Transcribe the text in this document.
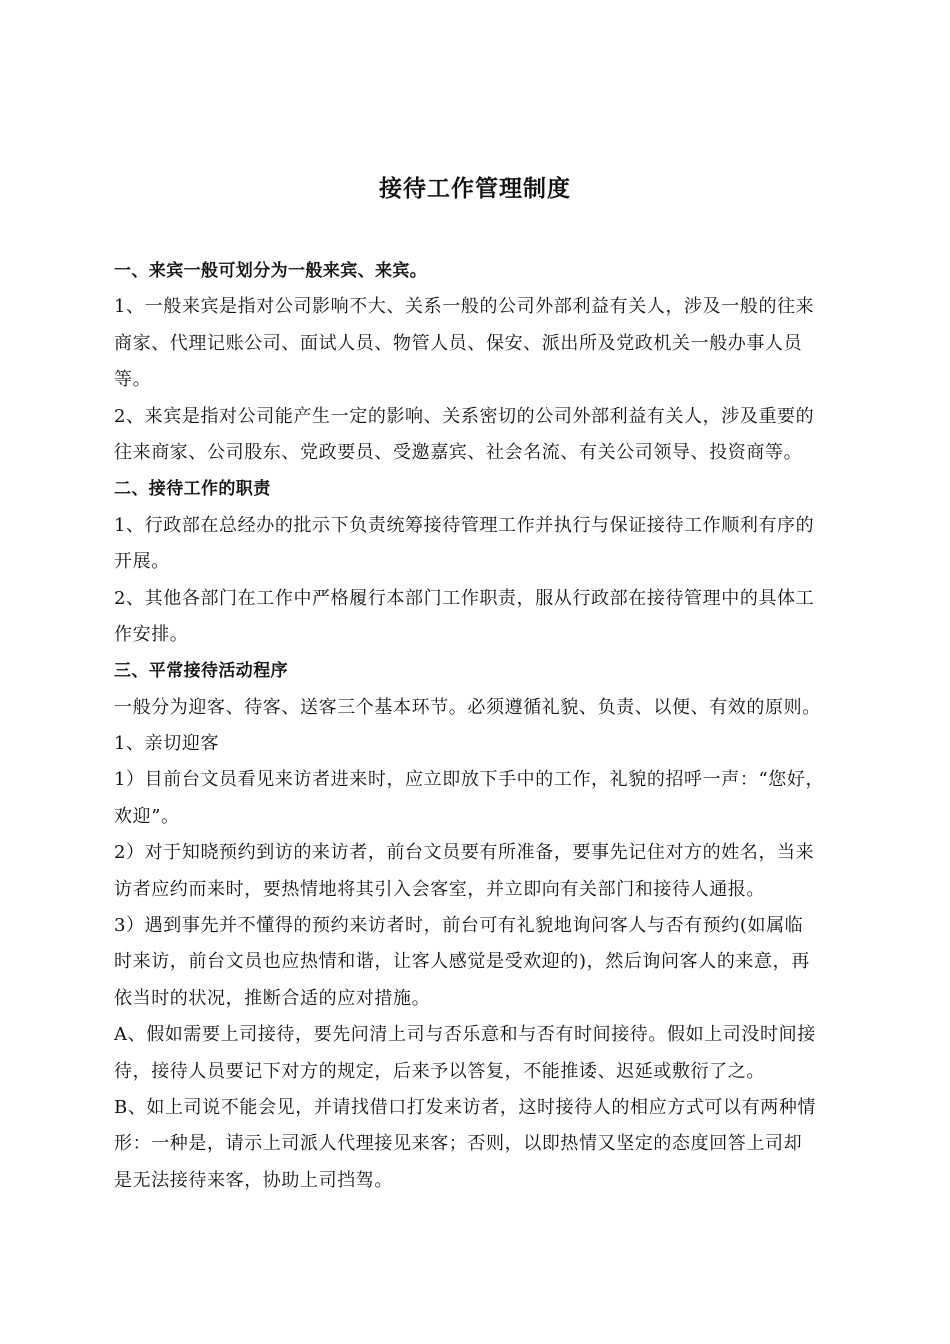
接待工作管理制度
一、来宾一般可划分为一般来宾、来宾。
1、一般来宾是指对公司影响不大、关系一般的公司外部利益有关人，涉及一般的往来
商家、代理记账公司、面试人员、物管人员、保安、派出所及党政机关一般办事人员
等。
2、来宾是指对公司能产生一定的影响、关系密切的公司外部利益有关人，涉及重要的
往来商家、公司股东、党政要员、受邀嘉宾、社会名流、有关公司领导、投资商等。
二、接待工作的职责
1、行政部在总经办的批示下负责统筹接待管理工作并执行与保证接待工作顺利有序的
开展。
2、其他各部门在工作中严格履行本部门工作职责，服从行政部在接待管理中的具体工
作安排。
三、平常接待活动程序
一般分为迎客、待客、送客三个基本环节。必须遵循礼貌、负责、以便、有效的原则。
1、亲切迎客
1）目前台文员看见来访者进来时，应立即放下手中的工作，礼貌的招呼一声：“您好，
欢迎”。
2）对于知晓预约到访的来访者，前台文员要有所准备，要事先记住对方的姓名，当来
访者应约而来时，要热情地将其引入会客室，并立即向有关部门和接待人通报。
3）遇到事先并不懂得的预约来访者时，前台可有礼貌地询问客人与否有预约(如属临
时来访，前台文员也应热情和谐，让客人感觉是受欢迎的)，然后询问客人的来意，再
依当时的状况，推断合适的应对措施。
A、假如需要上司接待，要先问清上司与否乐意和与否有时间接待。假如上司没时间接
待，接待人员要记下对方的规定，后来予以答复，不能推诿、迟延或敷衍了之。
B、如上司说不能会见，并请找借口打发来访者，这时接待人的相应方式可以有两种情
形：一种是，请示上司派人代理接见来客；否则，以即热情又坚定的态度回答上司却
是无法接待来客，协助上司挡驾。
